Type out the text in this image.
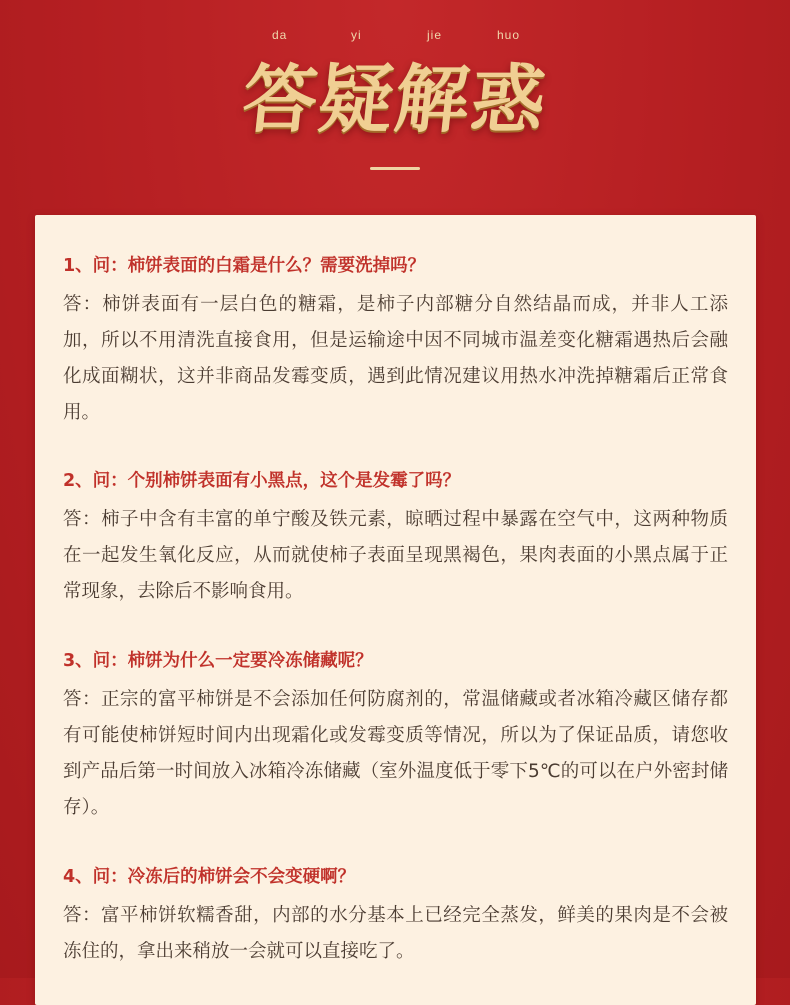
da	yi	jie	huo
答疑解惑
1、问：柿饼表面的白霜是什么？需要洗掉吗？
答：柿饼表面有一层白色的糖霜，是柿子内部糖分自然结晶而成，并非人工添加，所以不用清洗直接食用，但是运输途中因不同城市温差变化糖霜遇热后会融化成面糊状，这并非商品发霉变质，遇到此情况建议用热水冲洗掉糖霜后正常食用。
2、问：个别柿饼表面有小黑点，这个是发霉了吗？
答：柿子中含有丰富的单宁酸及铁元素，晾晒过程中暴露在空气中，这两种物质在一起发生氧化反应，从而就使柿子表面呈现黑褐色，果肉表面的小黑点属于正常现象，去除后不影响食用。
3、问：柿饼为什么一定要冷冻储藏呢？
答：正宗的富平柿饼是不会添加任何防腐剂的，常温储藏或者冰箱冷藏区储存都有可能使柿饼短时间内出现霜化或发霉变质等情况，所以为了保证品质，请您收到产品后第一时间放入冰箱冷冻储藏（室外温度低于零下5℃的可以在户外密封储存）。
4、问：冷冻后的柿饼会不会变硬啊？
答：富平柿饼软糯香甜，内部的水分基本上已经完全蒸发，鲜美的果肉是不会被冻住的，拿出来稍放一会就可以直接吃了。
